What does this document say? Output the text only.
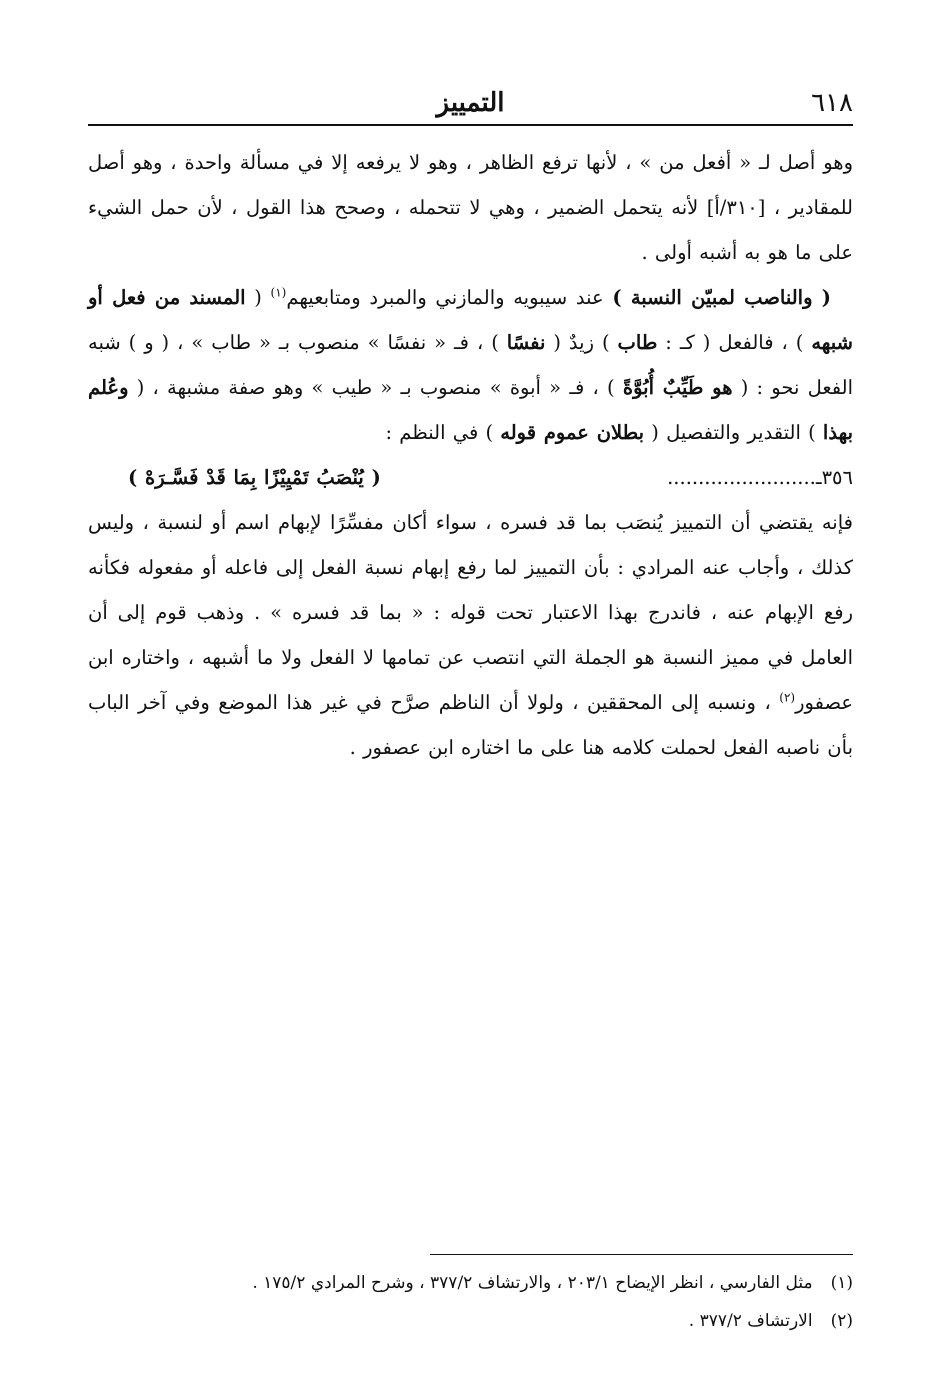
٦١٨
التمييز

وهو أصل لـ « أفعل من » ، لأنها ترفع الظاهر ، وهو لا يرفعه إلا في مسألة واحدة ، وهو أصل للمقادير ، [٣١٠/أ] لأنه يتحمل الضمير ، وهي لا تتحمله ، وصحح هذا القول ، لأن حمل الشيء على ما هو به أشبه أولى .

( والناصب لمبيّن النسبة ) عند سيبويه والمازني والمبرد ومتابعيهم$^{(١)}$ ( المسند من فعل أو شبهه ) ، فالفعل ( كـ : طاب ) زيدٌ ( نفسًا ) ، فـ « نفسًا » منصوب بـ « طاب » ، ( و ) شبه الفعل نحو : ( هو طَيِّبٌ أُبُوَّةً ) ، فـ « أبوة » منصوب بـ « طيب » وهو صفة مشبهة ، ( وعُلم بهذا ) التقدير والتفصيل ( بطلان عموم قوله ) في النظم :

٣٥٦ـ........................
( يُنْصَبُ تَمْيِيْزًا بِمَا قَدْ فَسَّـرَهْ )

فإنه يقتضي أن التمييز يُنصَب بما قد فسره ، سواء أكان مفسِّرًا لإبهام اسم أو لنسبة ، وليس كذلك ، وأجاب عنه المرادي : بأن التمييز لما رفع إبهام نسبة الفعل إلى فاعله أو مفعوله فكأنه رفع الإبهام عنه ، فاندرج بهذا الاعتبار تحت قوله : « بما قد فسره » . وذهب قوم إلى أن العامل في مميز النسبة هو الجملة التي انتصب عن تمامها لا الفعل ولا ما أشبهه ، واختاره ابن عصفور$^{(٢)}$ ، ونسبه إلى المحققين ، ولولا أن الناظم صرَّح في غير هذا الموضع وفي آخر الباب بأن ناصبه الفعل لحملت كلامه هنا على ما اختاره ابن عصفور .

(١)
مثل الفارسي ، انظر الإيضاح ٢٠٣/١ ، والارتشاف ٣٧٧/٢ ، وشرح المرادي ١٧٥/٢ .
(٢)
الارتشاف ٣٧٧/٢ .
